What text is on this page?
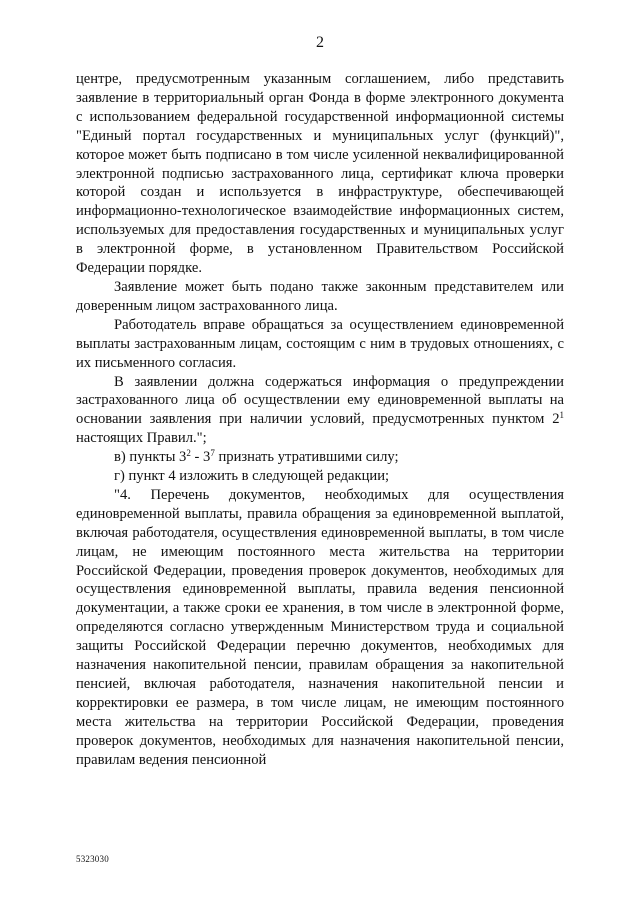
2

центре, предусмотренным указанным соглашением, либо представить заявление в территориальный орган Фонда в форме электронного документа с использованием федеральной государственной информационной системы "Единый портал государственных и муниципальных услуг (функций)", которое может быть подписано в том числе усиленной неквалифицированной электронной подписью застрахованного лица, сертификат ключа проверки которой создан и используется в инфраструктуре, обеспечивающей информационно-технологическое взаимодействие информационных систем, используемых для предоставления государственных и муниципальных услуг в электронной форме, в установленном Правительством Российской Федерации порядке.

Заявление может быть подано также законным представителем или доверенным лицом застрахованного лица.

Работодатель вправе обращаться за осуществлением единовременной выплаты застрахованным лицам, состоящим с ним в трудовых отношениях, с их письменного согласия.

В заявлении должна содержаться информация о предупреждении застрахованного лица об осуществлении ему единовременной выплаты на основании заявления при наличии условий, предусмотренных пунктом $2^1$ настоящих Правил.";

в) пункты $3^2 - 3^7$ признать утратившими силу;

г) пункт 4 изложить в следующей редакции;

"4. Перечень документов, необходимых для осуществления единовременной выплаты, правила обращения за единовременной выплатой, включая работодателя, осуществления единовременной выплаты, в том числе лицам, не имеющим постоянного места жительства на территории Российской Федерации, проведения проверок документов, необходимых для осуществления единовременной выплаты, правила ведения пенсионной документации, а также сроки ее хранения, в том числе в электронной форме, определяются согласно утвержденным Министерством труда и социальной защиты Российской Федерации перечню документов, необходимых для назначения накопительной пенсии, правилам обращения за накопительной пенсией, включая работодателя, назначения накопительной пенсии и корректировки ее размера, в том числе лицам, не имеющим постоянного места жительства на территории Российской Федерации, проведения проверок документов, необходимых для назначения накопительной пенсии, правилам ведения пенсионной

5323030
